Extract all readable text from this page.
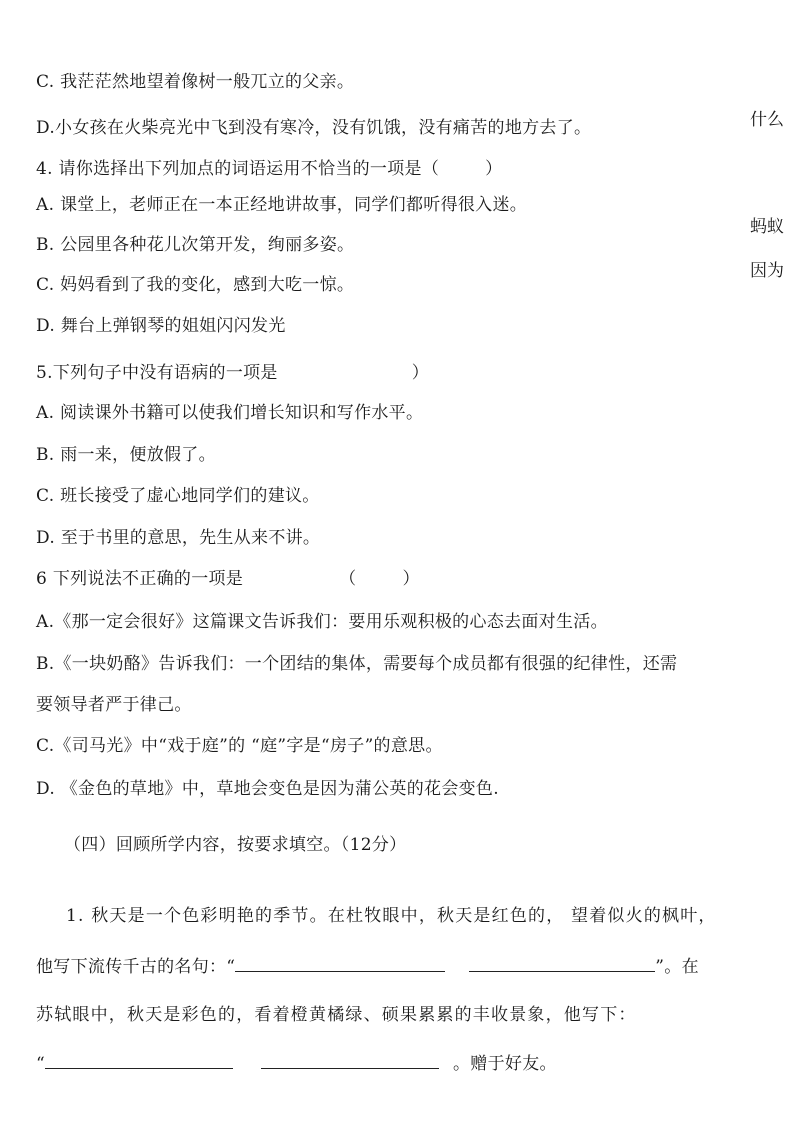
什么
蚂蚁
因为
C. 我茫茫然地望着像树一般兀立的父亲。
D.小女孩在火柴亮光中飞到没有寒冷，没有饥饿，没有痛苦的地方去了。
4. 请你选择出下列加点的词语运用不恰当的一项是（	）
A. 课堂上，老师正在一本正经地讲故事，同学们都听得很入迷。
B. 公园里各种花儿次第开发，绚丽多姿。
C. 妈妈看到了我的变化，感到大吃一惊。
D. 舞台上弹钢琴的姐姐闪闪发光
5.下列句子中没有语病的一项是	）
A. 阅读课外书籍可以使我们增长知识和写作水平。
B. 雨一来，便放假了。
C. 班长接受了虚心地同学们的建议。
D. 至于书里的意思，先生从来不讲。
6 下列说法不正确的一项是	（	）
A.《那一定会很好》这篇课文告诉我们：要用乐观积极的心态去面对生活。
B.《一块奶酪》告诉我们：一个团结的集体，需要每个成员都有很强的纪律性，还需
要领导者严于律己。
C.《司马光》中“戏于庭”的 “庭”字是“房子”的意思。
D. 《金色的草地》中，草地会变色是因为蒲公英的花会变色.
（四）回顾所学内容，按要求填空。（12分）
1. 秋天是一个色彩明艳的季节。在杜牧眼中，秋天是红色的， 望着似火的枫叶，
他写下流传千古的名句：“	”。在
苏轼眼中，秋天是彩色的，看着橙黄橘绿、硕果累累的丰收景象，他写下：
“	。赠于好友。
